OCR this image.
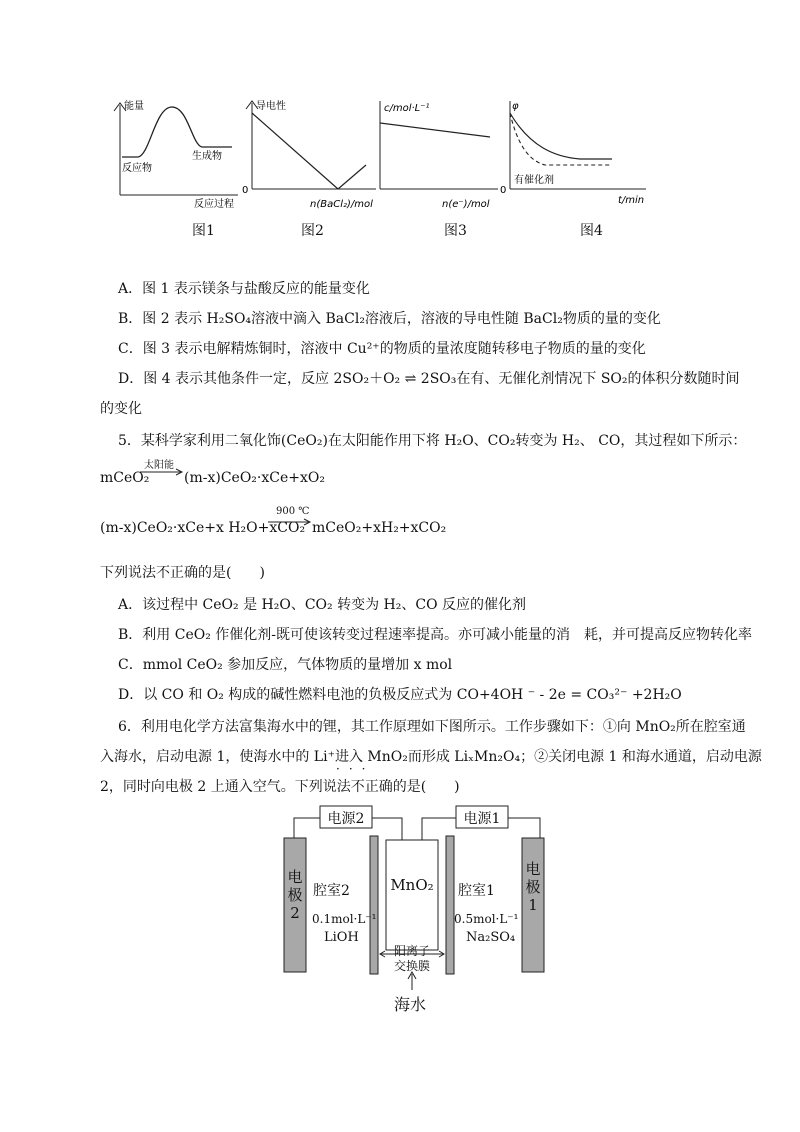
能量
反应物
生成物
反应过程
导电性
0
n(BaCl₂)/mol
c/mol·L⁻¹
n(e⁻)/mol
φ
0
有催化剂
t/min
图1	图2	图3	图4
A．图 1 表示镁条与盐酸反应的能量变化
B．图 2 表示 H₂SO₄溶液中滴入 BaCl₂溶液后，溶液的导电性随 BaCl₂物质的量的变化
C．图 3 表示电解精炼铜时，溶液中 Cu²⁺的物质的量浓度随转移电子物质的量的变化
D．图 4 表示其他条件一定，反应 2SO₂＋O₂ ⇌ 2SO₃在有、无催化剂情况下 SO₂的体积分数随时间
的变化
5．某科学家利用二氧化饰(CeO₂)在太阳能作用下将 H₂O、CO₂转变为 H₂、 CO，其过程如下所示：
太阳能
mCeO₂ (m-x)CeO₂·xCe+xO₂
(m-x)CeO₂·xCe+x H₂O+xCO₂
900 ℃
mCeO₂+xH₂+xCO₂
下列说法不正确的是(　　)
A．该过程中 CeO₂ 是 H₂O、CO₂ 转变为 H₂、CO 反应的催化剂
B．利用 CeO₂ 作催化剂-既可使该转变过程速率提高。亦可减小能量的消　耗，并可提高反应物转化率
C．mmol CeO₂ 参加反应，气体物质的量增加 x mol
D．以 CO 和 O₂ 构成的碱性燃料电池的负极反应式为 CO+4OH ⁻ - 2e = CO₃²⁻ +2H₂O
6．利用电化学方法富集海水中的锂，其工作原理如下图所示。工作步骤如下：①向 MnO₂所在腔室通
入海水，启动电源 1，使海水中的 Li⁺进入 MnO₂而形成 LiₓMn₂O₄；②关闭电源 1 和海水通道，启动电源
···
2，同时向电极 2 上通入空气。下列说法不正确的是(　　)
电源2	电源1
电极2
电极1
腔室2
0.1mol·L⁻¹
LiOH
MnO₂	腔室1
0.5mol·L⁻¹
Na₂SO₄
阳离子
交换膜
海水
